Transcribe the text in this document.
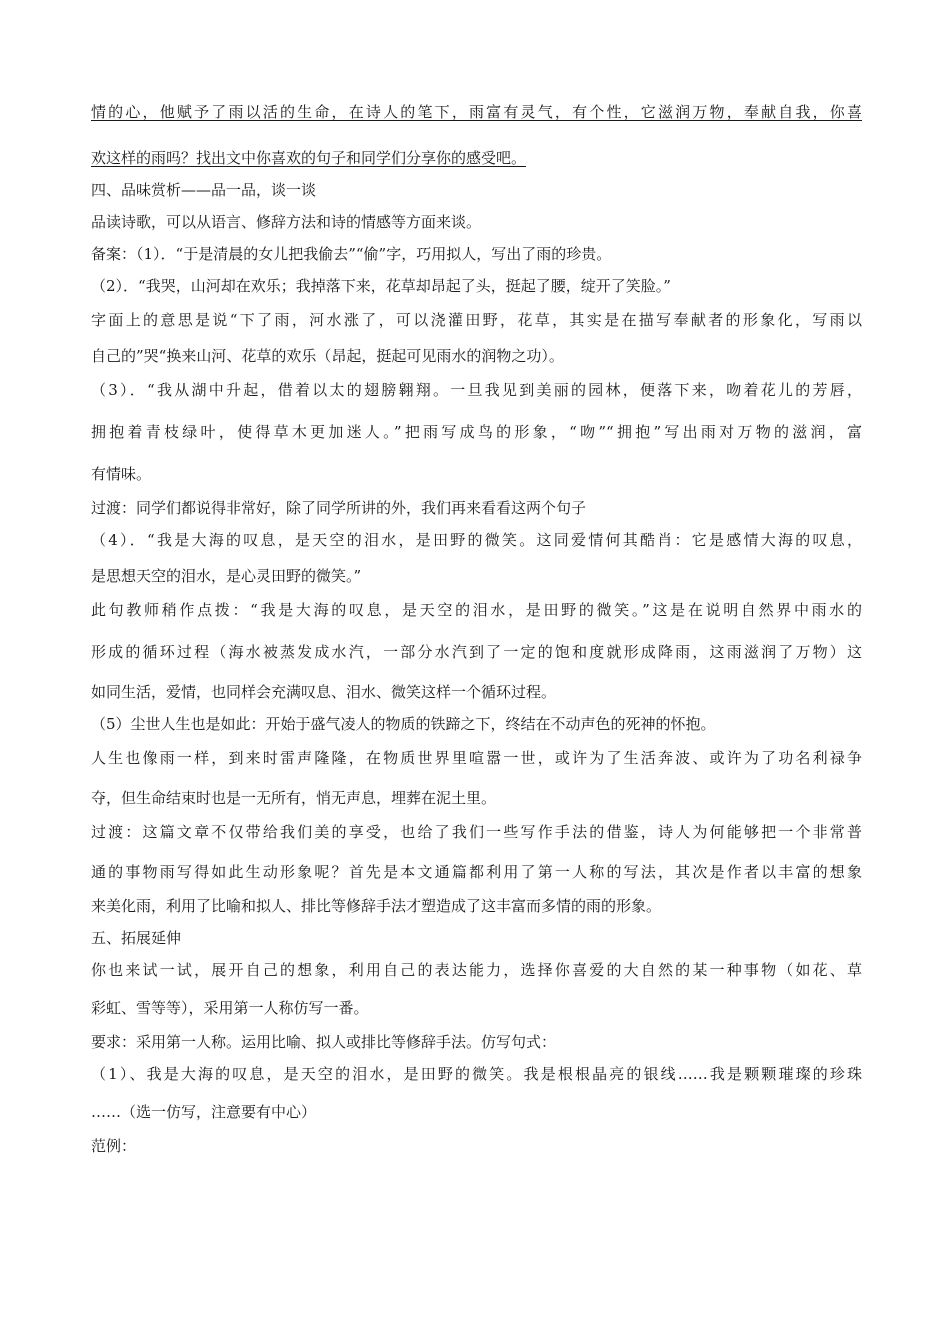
情的心，他赋予了雨以活的生命，在诗人的笔下，雨富有灵气，有个性，它滋润万物，奉献自我，你喜
欢这样的雨吗？找出文中你喜欢的句子和同学们分享你的感受吧。
四、品味赏析——品一品，谈一谈
品读诗歌，可以从语言、修辞方法和诗的情感等方面来谈。
备案：（1）．“于是清晨的女儿把我偷去”“偷”字，巧用拟人，写出了雨的珍贵。
（2）．“我哭，山河却在欢乐；我掉落下来，花草却昂起了头，挺起了腰，绽开了笑脸。”
字面上的意思是说“下了雨，河水涨了，可以浇灌田野，花草，其实是在描写奉献者的形象化，写雨以
自己的”哭“换来山河、花草的欢乐（昂起，挺起可见雨水的润物之功）。
（3）．“我从湖中升起，借着以太的翅膀翱翔。一旦我见到美丽的园林，便落下来，吻着花儿的芳唇，
拥抱着青枝绿叶，使得草木更加迷人。”把雨写成鸟的形象，“吻”“拥抱”写出雨对万物的滋润，富
有情味。
过渡：同学们都说得非常好，除了同学所讲的外，我们再来看看这两个句子
（4）．“我是大海的叹息，是天空的泪水，是田野的微笑。这同爱情何其酷肖：它是感情大海的叹息，
是思想天空的泪水，是心灵田野的微笑。”
此句教师稍作点拨：“我是大海的叹息，是天空的泪水，是田野的微笑。”这是在说明自然界中雨水的
形成的循环过程（海水被蒸发成水汽，一部分水汽到了一定的饱和度就形成降雨，这雨滋润了万物）这
如同生活，爱情，也同样会充满叹息、泪水、微笑这样一个循环过程。
（5）尘世人生也是如此：开始于盛气凌人的物质的铁蹄之下，终结在不动声色的死神的怀抱。
人生也像雨一样，到来时雷声隆隆，在物质世界里喧嚣一世，或许为了生活奔波、或许为了功名利禄争
夺，但生命结束时也是一无所有，悄无声息，埋葬在泥土里。
过渡：这篇文章不仅带给我们美的享受，也给了我们一些写作手法的借鉴，诗人为何能够把一个非常普
通的事物雨写得如此生动形象呢？首先是本文通篇都利用了第一人称的写法，其次是作者以丰富的想象
来美化雨，利用了比喻和拟人、排比等修辞手法才塑造成了这丰富而多情的雨的形象。
五、拓展延伸
你也来试一试，展开自己的想象，利用自己的表达能力，选择你喜爱的大自然的某一种事物（如花、草
彩虹、雪等等），采用第一人称仿写一番。
要求：采用第一人称。运用比喻、拟人或排比等修辞手法。仿写句式：
（1）、我是大海的叹息，是天空的泪水，是田野的微笑。我是根根晶亮的银线……我是颗颗璀璨的珍珠
……（选一仿写，注意要有中心）
范例：
